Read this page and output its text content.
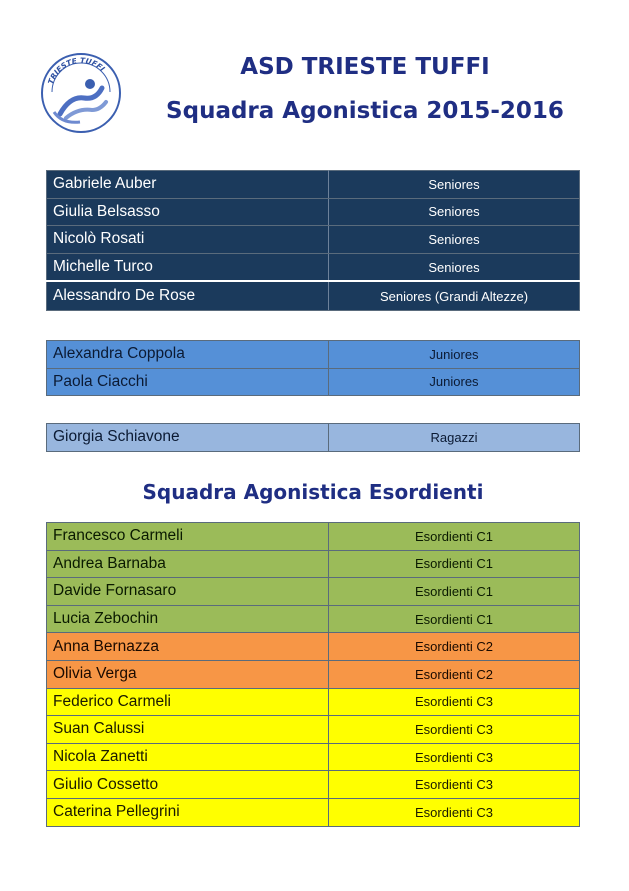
TRIESTE TUFFI	ASD TRIESTE TUFFI
Squadra Agonistica 2015-2016
Gabriele Auber	Seniores
Giulia Belsasso	Seniores
Nicolò Rosati	Seniores
Michelle Turco	Seniores
Alessandro De Rose	Seniores (Grandi Altezze)
Alexandra Coppola	Juniores
Paola Ciacchi	Juniores
Giorgia Schiavone	Ragazzi
Squadra Agonistica Esordienti
Francesco Carmeli	Esordienti C1
Andrea Barnaba	Esordienti C1
Davide Fornasaro	Esordienti C1
Lucia Zebochin	Esordienti C1
Anna Bernazza	Esordienti C2
Olivia Verga	Esordienti C2
Federico Carmeli	Esordienti C3
Suan Calussi	Esordienti C3
Nicola Zanetti	Esordienti C3
Giulio Cossetto	Esordienti C3
Caterina Pellegrini	Esordienti C3
